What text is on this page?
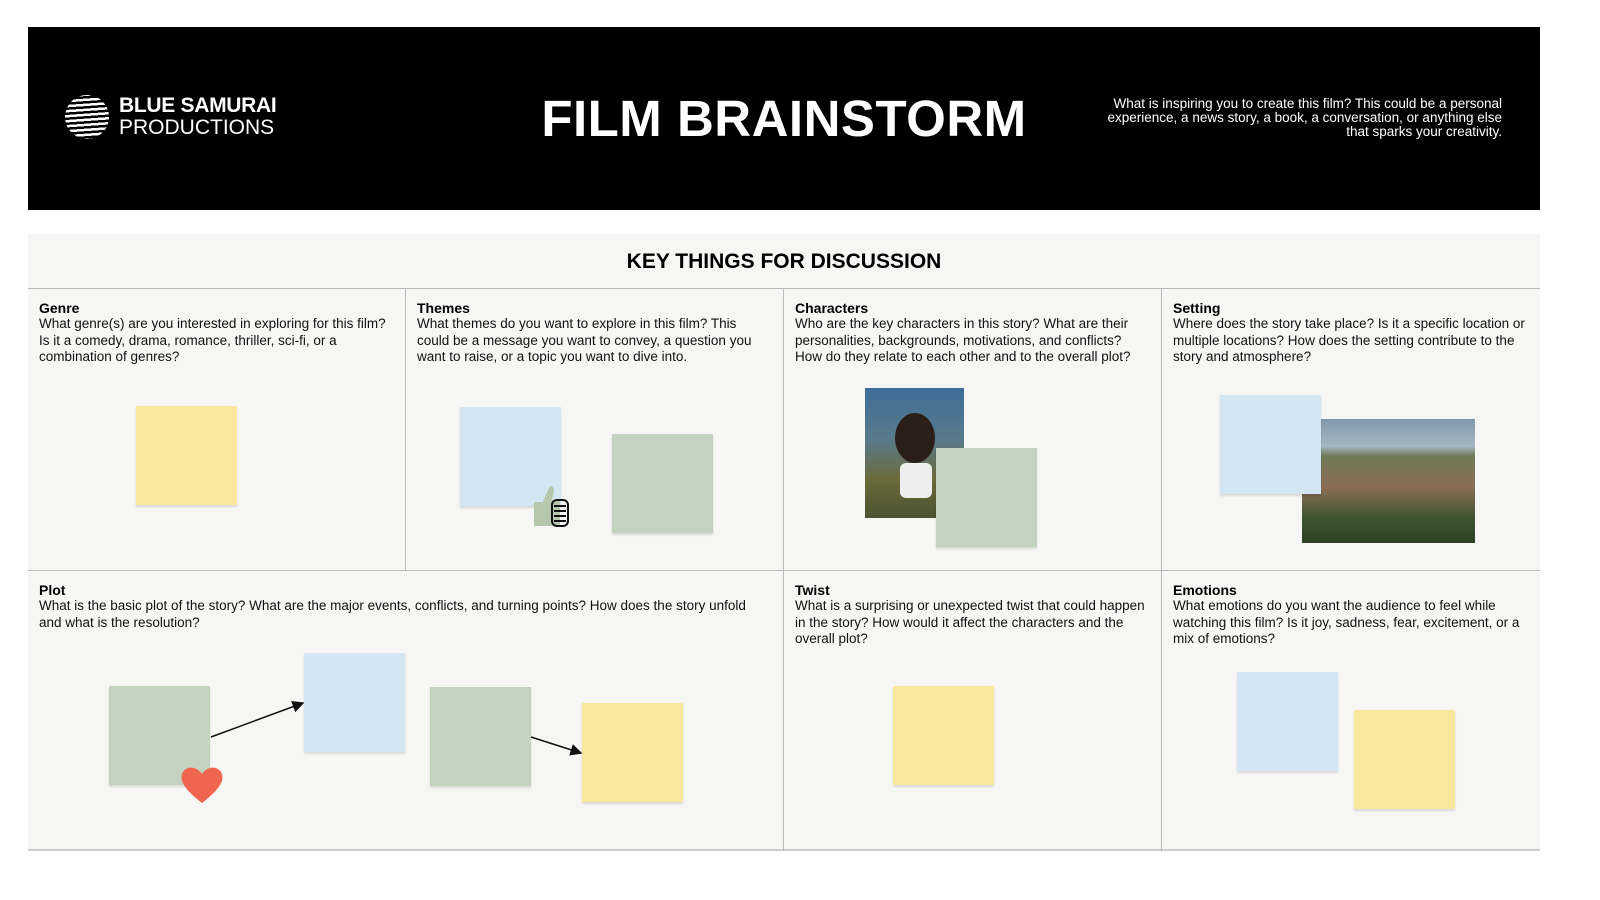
BLUE SAMURAI
PRODUCTIONS	FILM BRAINSTORM	What is inspiring you to create this film? This could be a personal experience, a news story, a book, a conversation, or anything else that sparks your creativity.
KEY THINGS FOR DISCUSSION
Genre

What genre(s) are you interested in exploring for this film? Is it a comedy, drama, romance, thriller, sci-fi, or a combination of genres?

Themes

What themes do you want to explore in this film? This could be a message you want to convey, a question you want to raise, or a topic you want to dive into.

Characters

Who are the key characters in this story? What are their personalities, backgrounds, motivations, and conflicts? How do they relate to each other and to the overall plot?

Setting

Where does the story take place? Is it a specific location or multiple locations? How does the setting contribute to the story and atmosphere?

Plot

What is the basic plot of the story? What are the major events, conflicts, and turning points? How does the story unfold and what is the resolution?

Twist

What is a surprising or unexpected twist that could happen in the story? How would it affect the characters and the overall plot?

Emotions

What emotions do you want the audience to feel while watching this film? Is it joy, sadness, fear, excitement, or a mix of emotions?
